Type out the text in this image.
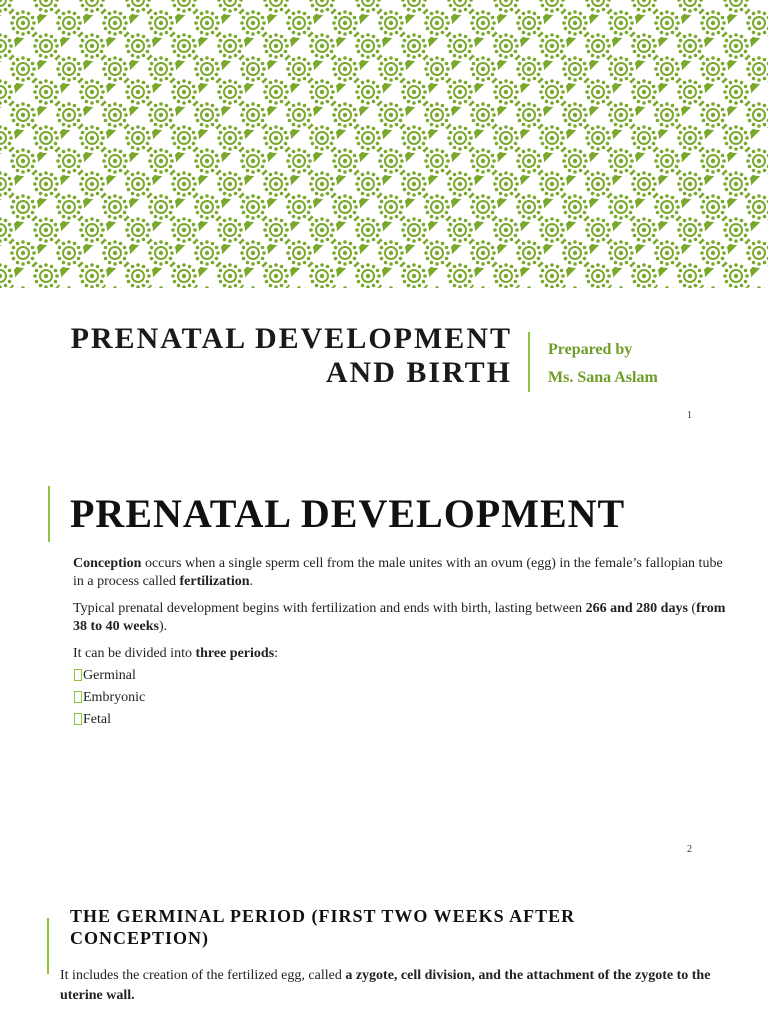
PRENATAL DEVELOPMENT
AND BIRTH
Prepared by
Ms. Sana Aslam
1
PRENATAL DEVELOPMENT
Conception occurs when a single sperm cell from the male unites with an ovum (egg) in the female’s fallopian tube in a process called fertilization.
Typical prenatal development begins with fertilization and ends with birth, lasting between 266 and 280 days (from 38 to 40 weeks).
It can be divided into three periods:
Germinal
Embryonic
Fetal
2
THE GERMINAL PERIOD (FIRST TWO WEEKS AFTER CONCEPTION)
It includes the creation of the fertilized egg, called a zygote, cell division, and the attachment of the zygote to the uterine wall.
